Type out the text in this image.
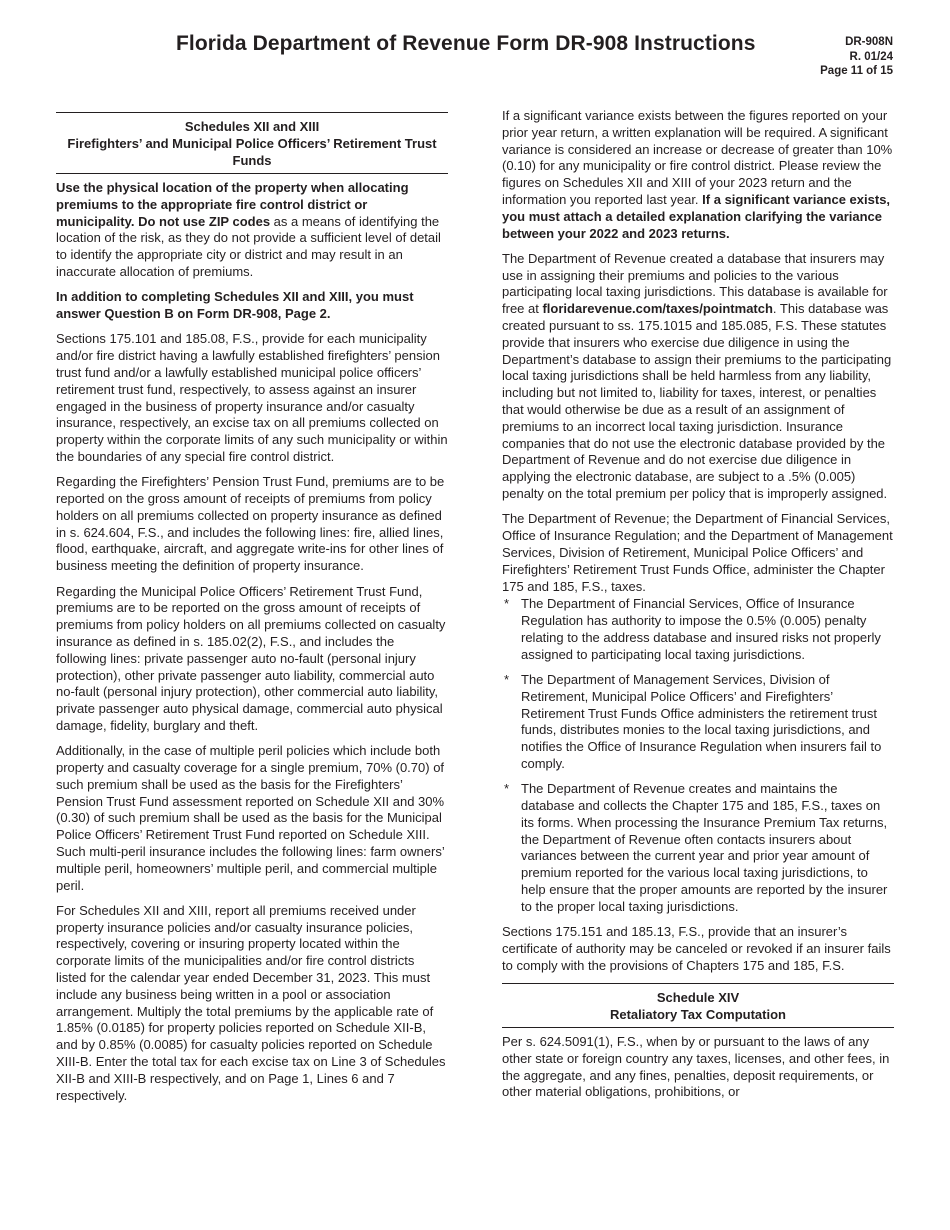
Florida Department of Revenue Form DR-908 Instructions	DR-908N
R. 01/24
Page 11 of 15
Schedules XII and XIII
Firefighters’ and Municipal Police Officers’ Retirement Trust Funds

Use the physical location of the property when allocating premiums to the appropriate fire control district or municipality. Do not use ZIP codes as a means of identifying the location of the risk, as they do not provide a sufficient level of detail to identify the appropriate city or district and may result in an inaccurate allocation of premiums.

In addition to completing Schedules XII and XIII, you must answer Question B on Form DR-908, Page 2.

Sections 175.101 and 185.08, F.S., provide for each municipality and/or fire district having a lawfully established firefighters’ pension trust fund and/or a lawfully established municipal police officers’ retirement trust fund, respectively, to assess against an insurer engaged in the business of property insurance and/or casualty insurance, respectively, an excise tax on all premiums collected on property within the corporate limits of any such municipality or within the boundaries of any special fire control district.

Regarding the Firefighters’ Pension Trust Fund, premiums are to be reported on the gross amount of receipts of premiums from policy holders on all premiums collected on property insurance as defined in s. 624.604, F.S., and includes the following lines: fire, allied lines, flood, earthquake, aircraft, and aggregate write-ins for other lines of business meeting the definition of property insurance.

Regarding the Municipal Police Officers’ Retirement Trust Fund, premiums are to be reported on the gross amount of receipts of premiums from policy holders on all premiums collected on casualty insurance as defined in s. 185.02(2), F.S., and includes the following lines: private passenger auto no-fault (personal injury protection), other private passenger auto liability, commercial auto no-fault (personal injury protection), other commercial auto liability, private passenger auto physical damage, commercial auto physical damage, fidelity, burglary and theft.

Additionally, in the case of multiple peril policies which include both property and casualty coverage for a single premium, 70% (0.70) of such premium shall be used as the basis for the Firefighters’ Pension Trust Fund assessment reported on Schedule XII and 30% (0.30) of such premium shall be used as the basis for the Municipal Police Officers’ Retirement Trust Fund reported on Schedule XIII. Such multi-peril insurance includes the following lines: farm owners’ multiple peril, homeowners’ multiple peril, and commercial multiple peril.

For Schedules XII and XIII, report all premiums received under property insurance policies and/or casualty insurance policies, respectively, covering or insuring property located within the corporate limits of the municipalities and/or fire control districts listed for the calendar year ended December 31, 2023. This must include any business being written in a pool or association arrangement. Multiply the total premiums by the applicable rate of 1.85% (0.0185) for property policies reported on Schedule XII-B, and by 0.85% (0.0085) for casualty policies reported on Schedule XIII-B. Enter the total tax for each excise tax on Line 3 of Schedules XII-B and XIII-B respectively, and on Page 1, Lines 6 and 7 respectively.

If a significant variance exists between the figures reported on your prior year return, a written explanation will be required. A significant variance is considered an increase or decrease of greater than 10% (0.10) for any municipality or fire control district. Please review the figures on Schedules XII and XIII of your 2023 return and the information you reported last year. If a significant variance exists, you must attach a detailed explanation clarifying the variance between your 2022 and 2023 returns.

The Department of Revenue created a database that insurers may use in assigning their premiums and policies to the various participating local taxing jurisdictions. This database is available for free at floridarevenue.com/taxes/pointmatch. This database was created pursuant to ss. 175.1015 and 185.085, F.S. These statutes provide that insurers who exercise due diligence in using the Department’s database to assign their premiums to the participating local taxing jurisdictions shall be held harmless from any liability, including but not limited to, liability for taxes, interest, or penalties that would otherwise be due as a result of an assignment of premiums to an incorrect local taxing jurisdiction. Insurance companies that do not use the electronic database provided by the Department of Revenue and do not exercise due diligence in applying the electronic database, are subject to a .5% (0.005) penalty on the total premium per policy that is improperly assigned.

The Department of Revenue; the Department of Financial Services, Office of Insurance Regulation; and the Department of Management Services, Division of Retirement, Municipal Police Officers’ and Firefighters’ Retirement Trust Funds Office, administer the Chapter 175 and 185, F.S., taxes.

* The Department of Financial Services, Office of Insurance Regulation has authority to impose the 0.5% (0.005) penalty relating to the address database and insured risks not properly assigned to participating local taxing jurisdictions.
* The Department of Management Services, Division of Retirement, Municipal Police Officers’ and Firefighters’ Retirement Trust Funds Office administers the retirement trust funds, distributes monies to the local taxing jurisdictions, and notifies the Office of Insurance Regulation when insurers fail to comply.
* The Department of Revenue creates and maintains the database and collects the Chapter 175 and 185, F.S., taxes on its forms. When processing the Insurance Premium Tax returns, the Department of Revenue often contacts insurers about variances between the current year and prior year amount of premium reported for the various local taxing jurisdictions, to help ensure that the proper amounts are reported by the insurer to the proper local taxing jurisdictions.

Sections 175.151 and 185.13, F.S., provide that an insurer’s certificate of authority may be canceled or revoked if an insurer fails to comply with the provisions of Chapters 175 and 185, F.S.

Schedule XIV
Retaliatory Tax Computation

Per s. 624.5091(1), F.S., when by or pursuant to the laws of any other state or foreign country any taxes, licenses, and other fees, in the aggregate, and any fines, penalties, deposit requirements, or other material obligations, prohibitions, or
